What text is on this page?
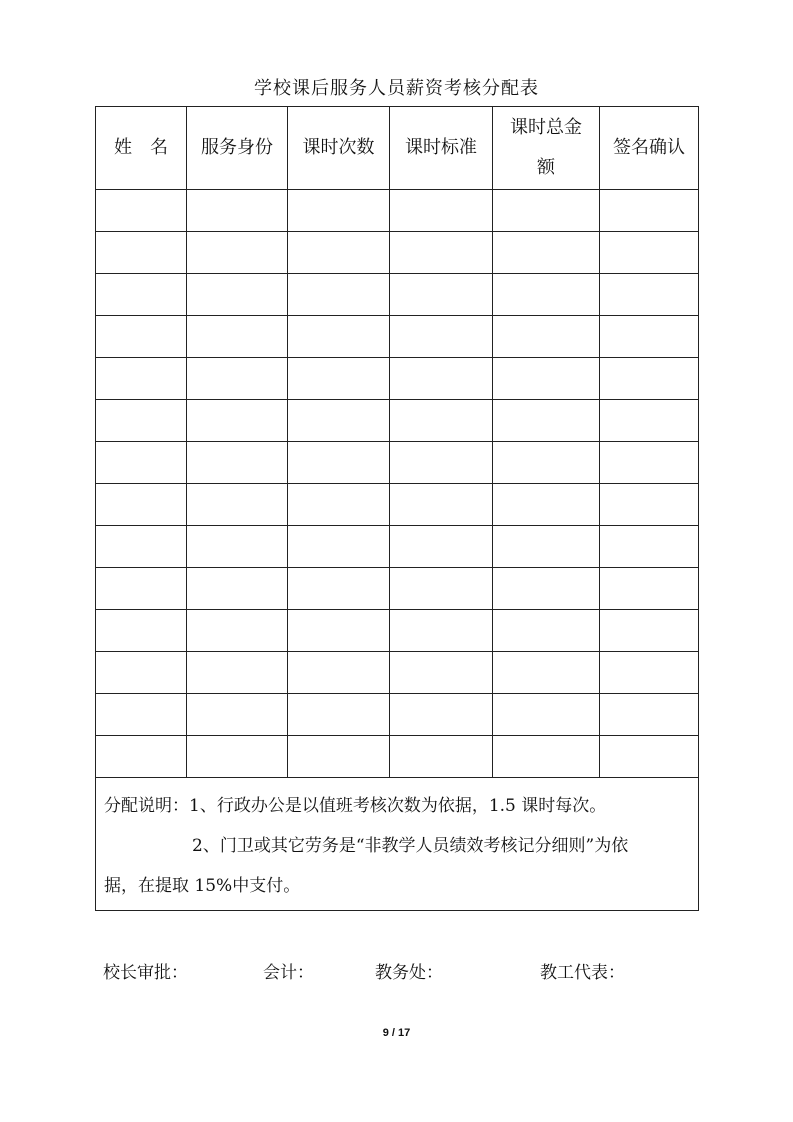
学校课后服务人员薪资考核分配表
姓　名	服务身份	课时次数	课时标准	课时总金额	签名确认

分配说明：1、行政办公是以值班考核次数为依据，1.5 课时每次。
2、门卫或其它劳务是“非教学人员绩效考核记分细则”为依
据，在提取 15%中支付。					
校长审批：	会计：	教务处：	教工代表：
9 / 17
